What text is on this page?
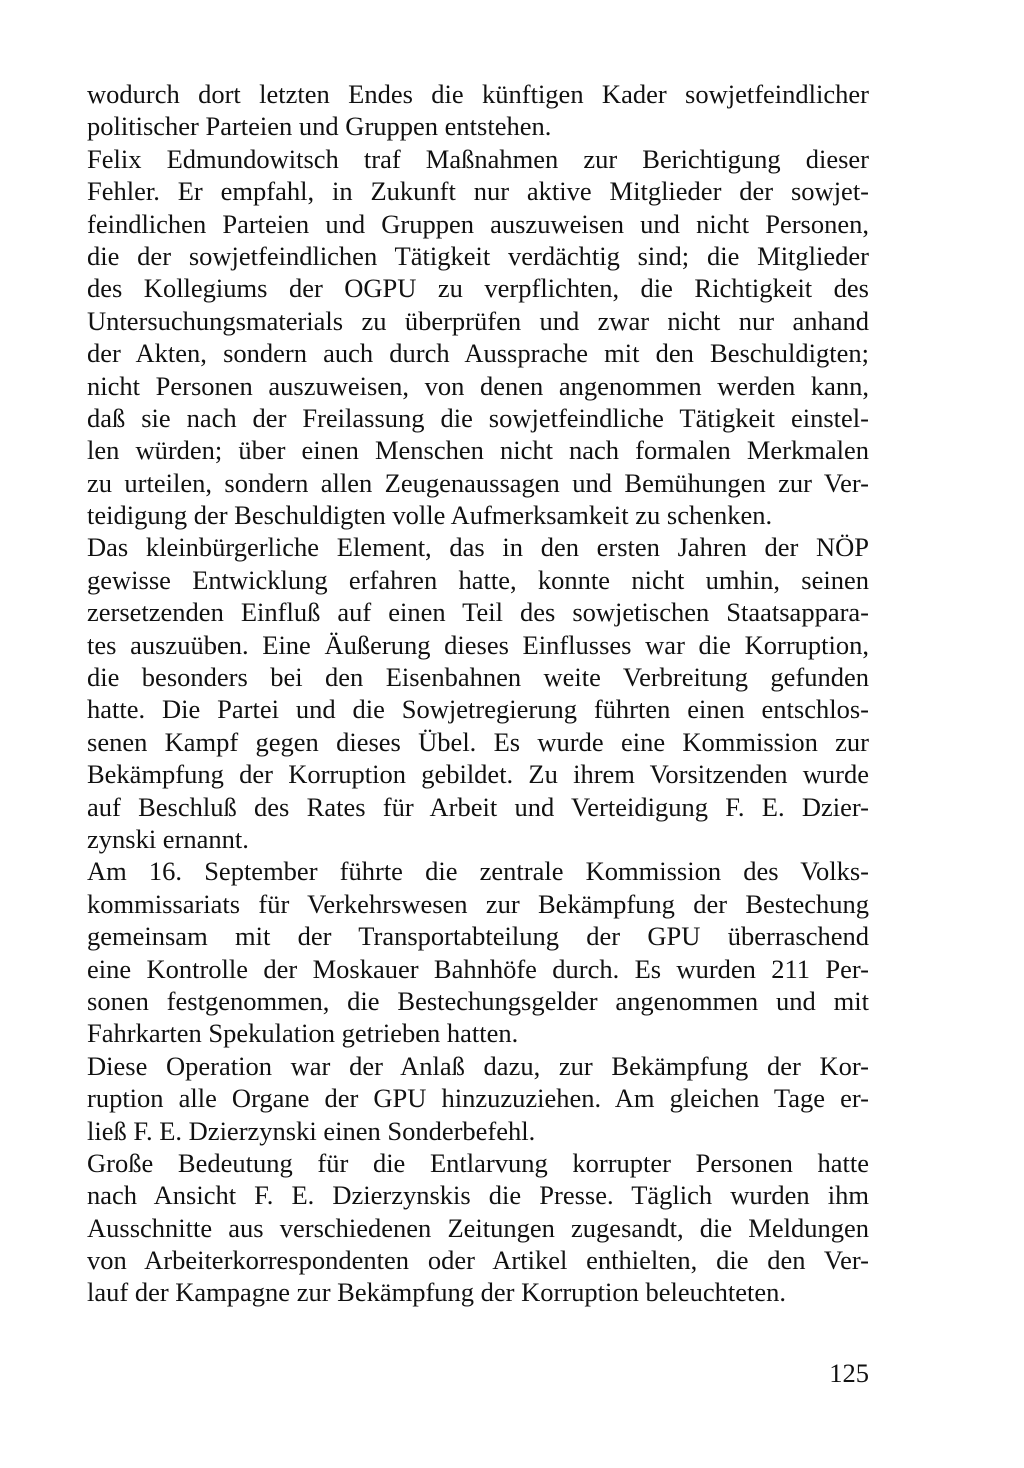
wodurch dort letzten Endes die künftigen Kader sowjetfeindlicher
politischer Parteien und Gruppen entstehen.
Felix Edmundowitsch traf Maßnahmen zur Berichtigung dieser
Fehler. Er empfahl, in Zukunft nur aktive Mitglieder der sowjet-
feindlichen Parteien und Gruppen auszuweisen und nicht Personen,
die der sowjetfeindlichen Tätigkeit verdächtig sind; die Mitglieder
des Kollegiums der OGPU zu verpflichten, die Richtigkeit des
Untersuchungsmaterials zu überprüfen und zwar nicht nur anhand
der Akten, sondern auch durch Aussprache mit den Beschuldigten;
nicht Personen auszuweisen, von denen angenommen werden kann,
daß sie nach der Freilassung die sowjetfeindliche Tätigkeit einstel-
len würden; über einen Menschen nicht nach formalen Merkmalen
zu urteilen, sondern allen Zeugenaussagen und Bemühungen zur Ver-
teidigung der Beschuldigten volle Aufmerksamkeit zu schenken.
Das kleinbürgerliche Element, das in den ersten Jahren der NÖP
gewisse Entwicklung erfahren hatte, konnte nicht umhin, seinen
zersetzenden Einfluß auf einen Teil des sowjetischen Staatsappara-
tes auszuüben. Eine Äußerung dieses Einflusses war die Korruption,
die besonders bei den Eisenbahnen weite Verbreitung gefunden
hatte. Die Partei und die Sowjetregierung führten einen entschlos-
senen Kampf gegen dieses Übel. Es wurde eine Kommission zur
Bekämpfung der Korruption gebildet. Zu ihrem Vorsitzenden wurde
auf Beschluß des Rates für Arbeit und Verteidigung F. E. Dzier-
zynski ernannt.
Am 16. September führte die zentrale Kommission des Volks-
kommissariats für Verkehrswesen zur Bekämpfung der Bestechung
gemeinsam mit der Transportabteilung der GPU überraschend
eine Kontrolle der Moskauer Bahnhöfe durch. Es wurden 211 Per-
sonen festgenommen, die Bestechungsgelder angenommen und mit
Fahrkarten Spekulation getrieben hatten.
Diese Operation war der Anlaß dazu, zur Bekämpfung der Kor-
ruption alle Organe der GPU hinzuzuziehen. Am gleichen Tage er-
ließ F. E. Dzierzynski einen Sonderbefehl.
Große Bedeutung für die Entlarvung korrupter Personen hatte
nach Ansicht F. E. Dzierzynskis die Presse. Täglich wurden ihm
Ausschnitte aus verschiedenen Zeitungen zugesandt, die Meldungen
von Arbeiterkorrespondenten oder Artikel enthielten, die den Ver-
lauf der Kampagne zur Bekämpfung der Korruption beleuchteten.
125
